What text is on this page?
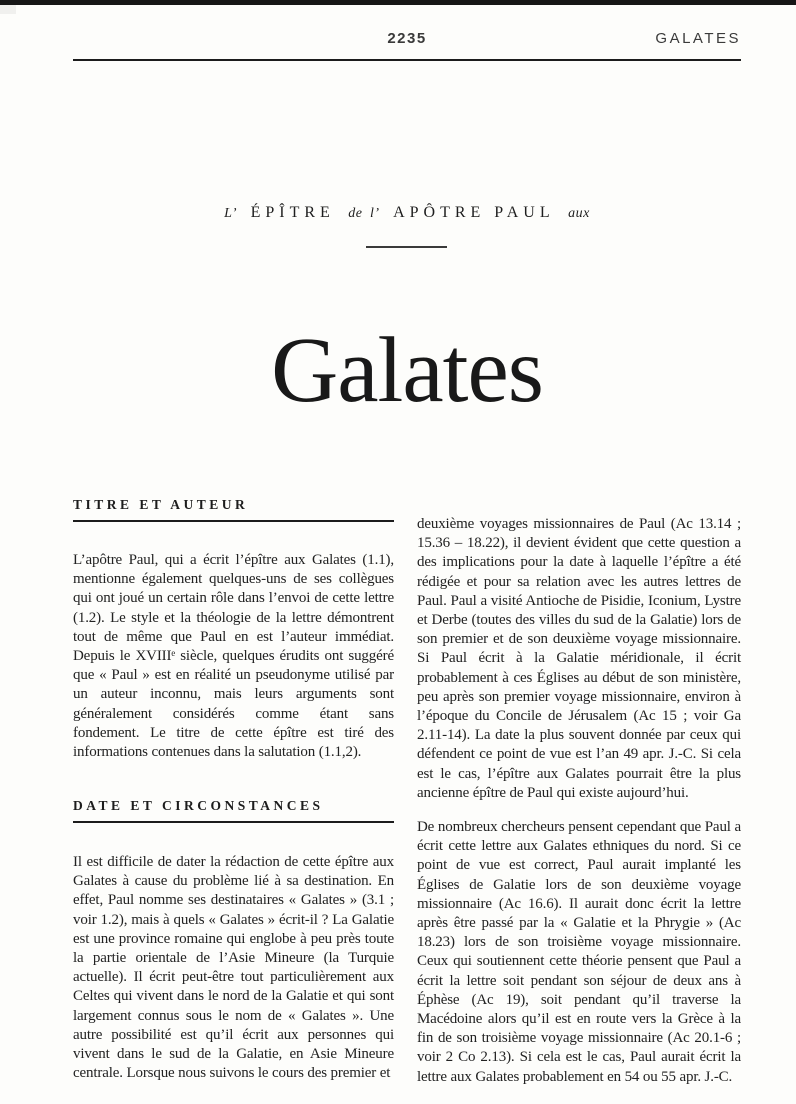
2235	GALATES
L’ ÉPÎTRE de l’ APÔTRE PAUL aux
Galates
TITRE ET AUTEUR

L’apôtre Paul, qui a écrit l’épître aux Galates (1.1), mentionne également quelques-uns de ses collègues qui ont joué un certain rôle dans l’envoi de cette lettre (1.2). Le style et la théologie de la lettre démontrent tout de même que Paul en est l’auteur immédiat. Depuis le XVIIIᵉ siècle, quelques érudits ont suggéré que « Paul » est en réalité un pseudonyme utilisé par un auteur inconnu, mais leurs arguments sont généralement considérés comme étant sans fondement. Le titre de cette épître est tiré des informations contenues dans la salutation (1.1,2).

DATE ET CIRCONSTANCES

Il est difficile de dater la rédaction de cette épître aux Galates à cause du problème lié à sa destination. En effet, Paul nomme ses destinataires « Galates » (3.1 ; voir 1.2), mais à quels « Galates » écrit-il ? La Galatie est une province romaine qui englobe à peu près toute la partie orientale de l’Asie Mineure (la Turquie actuelle). Il écrit peut-être tout particulièrement aux Celtes qui vivent dans le nord de la Galatie et qui sont largement connus sous le nom de « Galates ». Une autre possibilité est qu’il écrit aux personnes qui vivent dans le sud de la Galatie, en Asie Mineure centrale. Lorsque nous suivons le cours des premier et

deuxième voyages missionnaires de Paul (Ac 13.14 ; 15.36 – 18.22), il devient évident que cette question a des implications pour la date à laquelle l’épître a été rédigée et pour sa relation avec les autres lettres de Paul. Paul a visité Antioche de Pisidie, Iconium, Lystre et Derbe (toutes des villes du sud de la Galatie) lors de son premier et de son deuxième voyage missionnaire. Si Paul écrit à la Galatie méridionale, il écrit probablement à ces Églises au début de son ministère, peu après son premier voyage missionnaire, environ à l’époque du Concile de Jérusalem (Ac 15 ; voir Ga 2.11-14). La date la plus souvent donnée par ceux qui défendent ce point de vue est l’an 49 apr. J.-C. Si cela est le cas, l’épître aux Galates pourrait être la plus ancienne épître de Paul qui existe aujourd’hui.

De nombreux chercheurs pensent cependant que Paul a écrit cette lettre aux Galates ethniques du nord. Si ce point de vue est correct, Paul aurait implanté les Églises de Galatie lors de son deuxième voyage missionnaire (Ac 16.6). Il aurait donc écrit la lettre après être passé par la « Galatie et la Phrygie » (Ac 18.23) lors de son troisième voyage missionnaire. Ceux qui soutiennent cette théorie pensent que Paul a écrit la lettre soit pendant son séjour de deux ans à Éphèse (Ac 19), soit pendant qu’il traverse la Macédoine alors qu’il est en route vers la Grèce à la fin de son troisième voyage missionnaire (Ac 20.1-6 ; voir 2 Co 2.13). Si cela est le cas, Paul aurait écrit la lettre aux Galates probablement en 54 ou 55 apr. J.-C.
